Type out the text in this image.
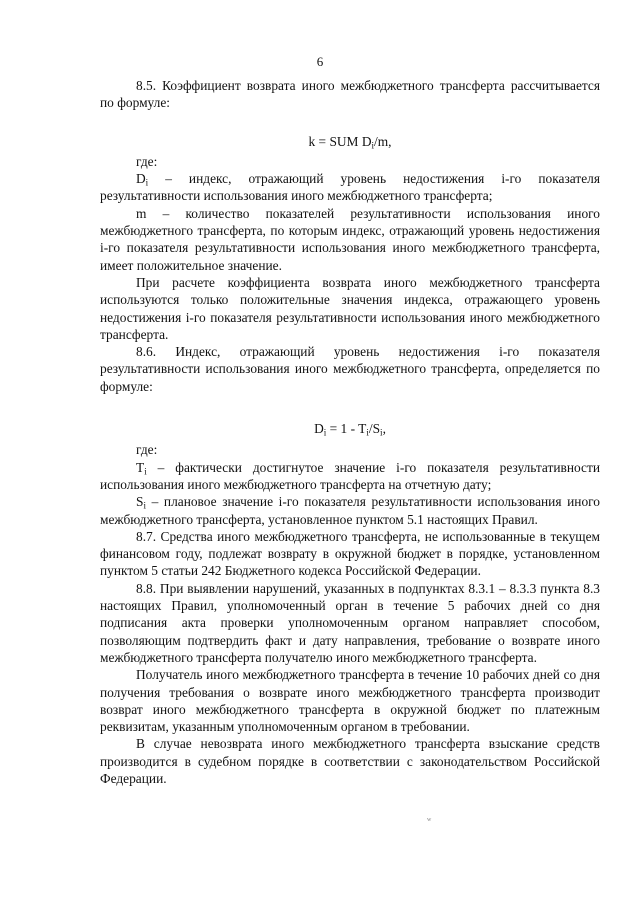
6

8.5. Коэффициент возврата иного межбюджетного трансферта рассчитывается по формуле:

k = SUM $D_i/m$,

где:

$D_i$ – индекс, отражающий уровень недостижения i-го показателя результативности использования иного межбюджетного трансферта;

m – количество показателей результативности использования иного межбюджетного трансферта, по которым индекс, отражающий уровень недостижения i-го показателя результативности использования иного межбюджетного трансферта, имеет положительное значение.

При расчете коэффициента возврата иного межбюджетного трансферта используются только положительные значения индекса, отражающего уровень недостижения i-го показателя результативности использования иного межбюджетного трансферта.

8.6. Индекс, отражающий уровень недостижения i-го показателя результативности использования иного межбюджетного трансферта, определяется по формуле:

$D_i = 1 - T_i/S_i$,

где:

$T_i$ – фактически достигнутое значение i-го показателя результативности использования иного межбюджетного трансферта на отчетную дату;

$S_i$ – плановое значение i-го показателя результативности использования иного межбюджетного трансферта, установленное пунктом 5.1 настоящих Правил.

8.7. Средства иного межбюджетного трансферта, не использованные в текущем финансовом году, подлежат возврату в окружной бюджет в порядке, установленном пунктом 5 статьи 242 Бюджетного кодекса Российской Федерации.

8.8. При выявлении нарушений, указанных в подпунктах 8.3.1 – 8.3.3 пункта 8.3 настоящих Правил, уполномоченный орган в течение 5 рабочих дней со дня подписания акта проверки уполномоченным органом направляет способом, позволяющим подтвердить факт и дату направления, требование о возврате иного межбюджетного трансферта получателю иного межбюджетного трансферта.

Получатель иного межбюджетного трансферта в течение 10 рабочих дней со дня получения требования о возврате иного межбюджетного трансферта производит возврат иного межбюджетного трансферта в окружной бюджет по платежным реквизитам, указанным уполномоченным органом в требовании.

В случае невозврата иного межбюджетного трансферта взыскание средств производится в судебном порядке в соответствии с законодательством Российской Федерации.

w
